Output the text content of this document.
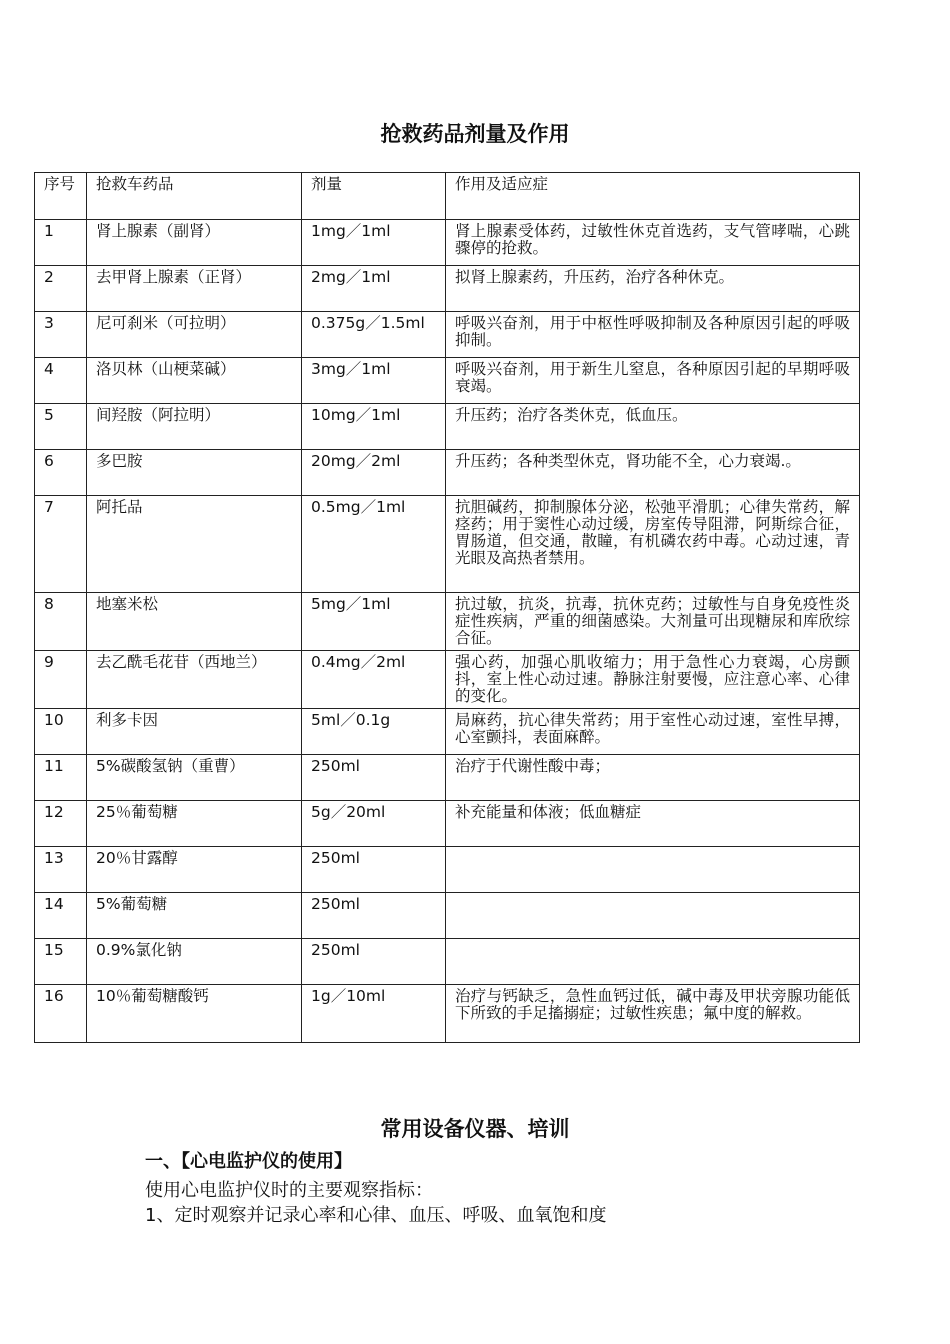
抢救药品剂量及作用
序号	抢救车药品	剂量	作用及适应症
1	肾上腺素（副肾）	1mg／1ml	肾上腺素受体药，过敏性休克首选药，支气管哮喘，心跳骤停的抢救。
2	去甲肾上腺素（正肾）	2mg／1ml	拟肾上腺素药，升压药，治疗各种休克。
3	尼可刹米（可拉明）	0.375g／1.5ml	呼吸兴奋剂，用于中枢性呼吸抑制及各种原因引起的呼吸抑制。
4	洛贝林（山梗菜碱）	3mg／1ml	呼吸兴奋剂，用于新生儿窒息，各种原因引起的早期呼吸衰竭。
5	间羟胺（阿拉明）	10mg／1ml	升压药；治疗各类休克，低血压。
6	多巴胺	20mg／2ml	升压药；各种类型休克，肾功能不全，心力衰竭.。
7	阿托品	0.5mg／1ml	抗胆碱药，抑制腺体分泌，松弛平滑肌；心律失常药，解痉药；用于窦性心动过缓，房室传导阻滞，阿斯综合征，胃肠道，但交通，散瞳，有机磷农药中毒。心动过速，青光眼及高热者禁用。
8	地塞米松	5mg／1ml	抗过敏，抗炎，抗毒，抗休克药；过敏性与自身免疫性炎症性疾病，严重的细菌感染。大剂量可出现糖尿和库欣综合征。
9	去乙酰毛花苷（西地兰）	0.4mg／2ml	强心药，加强心肌收缩力；用于急性心力衰竭，心房颤抖，室上性心动过速。静脉注射要慢，应注意心率、心律的变化。
10	利多卡因	5ml／0.1g	局麻药，抗心律失常药；用于室性心动过速，室性早搏，心室颤抖，表面麻醉。
11	5%碳酸氢钠（重曹）	250ml	治疗于代谢性酸中毒；
12	25％葡萄糖	5g／20ml	补充能量和体液；低血糖症
13	20％甘露醇	250ml	
14	5%葡萄糖	250ml	
15	0.9%氯化钠	250ml	
16	10％葡萄糖酸钙	1g／10ml	治疗与钙缺乏，急性血钙过低，碱中毒及甲状旁腺功能低下所致的手足搐搦症；过敏性疾患；氟中度的解救。
常用设备仪器、培训
一、【心电监护仪的使用】
使用心电监护仪时的主要观察指标：
1、定时观察并记录心率和心律、血压、呼吸、血氧饱和度
